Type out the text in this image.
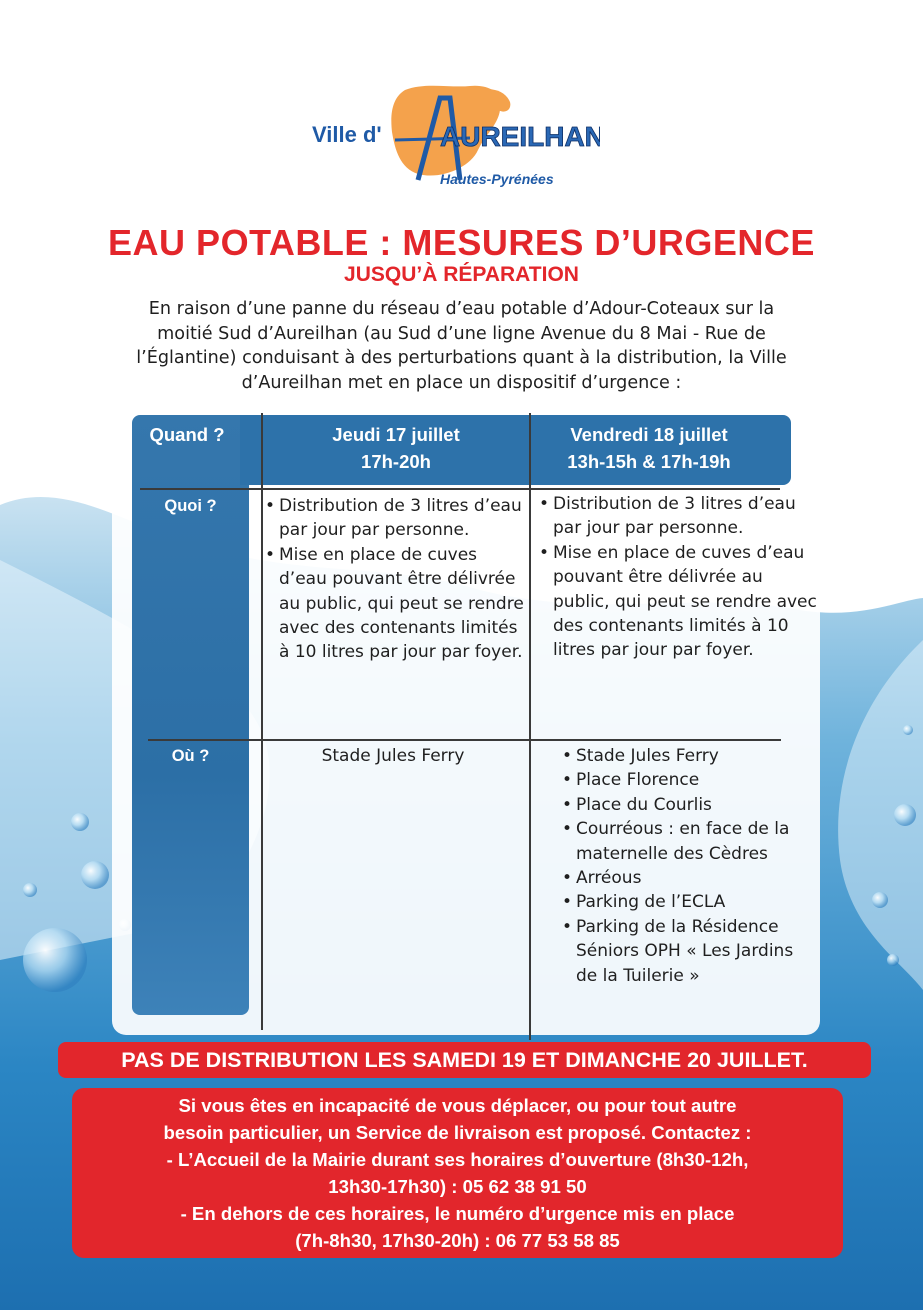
Ville d' AUREILHAN
Hautes-Pyrénées
EAU POTABLE : MESURES D’URGENCE
JUSQU’À RÉPARATION
En raison d’une panne du réseau d’eau potable d’Adour-Coteaux sur la
moitié Sud d’Aureilhan (au Sud d’une ligne Avenue du 8 Mai - Rue de
l’Églantine) conduisant à des perturbations quant à la distribution, la Ville
d’Aureilhan met en place un dispositif d’urgence :
Quand ?	Jeudi 17 juillet
17h-20h
Vendredi 18 juillet
13h-15h & 17h-19h
Quoi ?
Où ?
• Distribution de 3 litres d’eau par jour par personne.
• Mise en place de cuves d’eau pouvant être délivrée au public, qui peut se rendre avec des contenants limités à 10 litres par jour par foyer.
• Distribution de 3 litres d’eau par jour par personne.
• Mise en place de cuves d’eau pouvant être délivrée au public, qui peut se rendre avec des contenants limités à 10 litres par jour par foyer.
Stade Jules Ferry
•	Stade Jules Ferry
• Place Florence
• Place du Courlis
• Courréous : en face de la maternelle des Cèdres
• Arréous
• Parking de l’ECLA
• Parking de la Résidence Séniors OPH « Les Jardins de la Tuilerie »
PAS DE DISTRIBUTION LES SAMEDI 19 ET DIMANCHE 20 JUILLET.
Si vous êtes en incapacité de vous déplacer, ou pour tout autre
besoin particulier, un Service de livraison est proposé. Contactez :
- L’Accueil de la Mairie durant ses horaires d’ouverture (8h30-12h,
13h30-17h30) : 05 62 38 91 50
- En dehors de ces horaires, le numéro d’urgence mis en place
(7h-8h30, 17h30-20h) : 06 77 53 58 85
